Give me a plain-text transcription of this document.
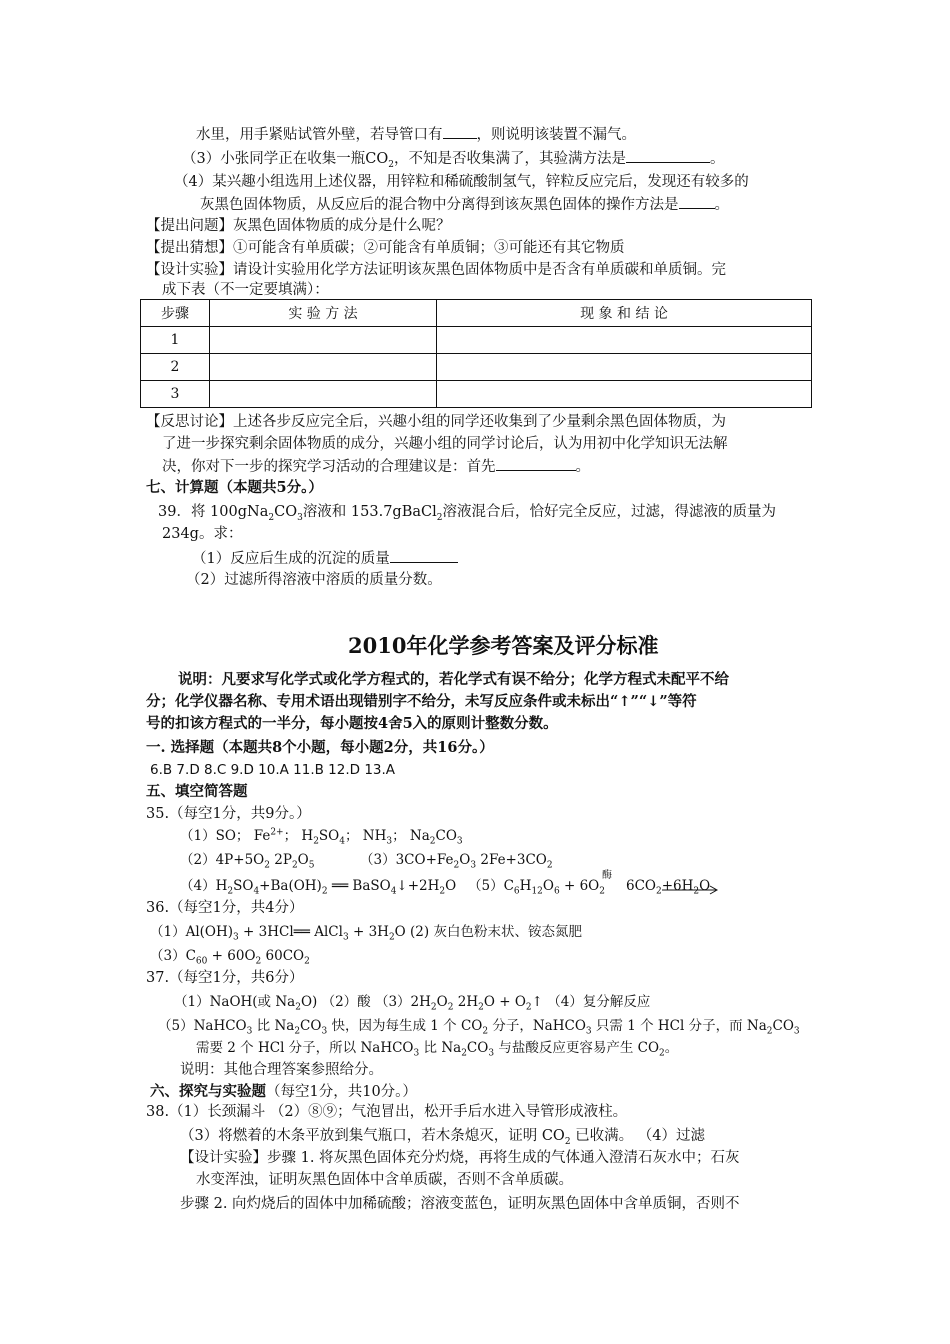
水里，用手紧贴试管外壁，若导管口有 ，则说明该装置不漏气。
（3）小张同学正在收集一瓶$CO_2$，不知是否收集满了，其验满方法是	。
（4）某兴趣小组选用上述仪器，用锌粒和稀硫酸制氢气，锌粒反应完后，发现还有较多的
灰黑色固体物质，从反应后的混合物中分离得到该灰黑色固体的操作方法是 。
【提出问题】灰黑色固体物质的成分是什么呢？
【提出猜想】①可能含有单质碳；②可能含有单质铜；③可能还有其它物质
【设计实验】请设计实验用化学方法证明该灰黑色固体物质中是否含有单质碳和单质铜。完
成下表（不一定要填满）：
步骤	实 验 方 法	现 象 和 结 论
1		
2		
3		
【反思讨论】上述各步反应完全后，兴趣小组的同学还收集到了少量剩余黑色固体物质，为
了进一步探究剩余固体物质的成分，兴趣小组的同学讨论后，认为用初中化学知识无法解
决，你对下一步的探究学习活动的合理建议是：首先	。
七、计算题（本题共5分。）
39．将 $100gNa_2CO_3$溶液和 153.7gBaCl$_2$溶液混合后，恰好完全反应，过滤，得滤液的质量为
234g。求：
（1）反应后生成的沉淀的质量
（2）过滤所得溶液中溶质的质量分数。
2010年化学参考答案及评分标准
说明：凡要求写化学式或化学方程式的，若化学式有误不给分；化学方程式未配平不给
分；化学仪器名称、专用术语出现错别字不给分，未写反应条件或未标出“↑”“↓”等符
号的扣该方程式的一半分，每小题按4舍5入的原则计整数分数。
一. 选择题（本题共8个小题，每小题2分，共16分。）
6.B 7.D 8.C 9.D 10.A 11.B 12.D 13.A
五、填空简答题
35.（每空1分，共9分。）
（1）SO； $Fe^{2+}$； $H_2SO_4$； $NH_3$； $Na_2CO_3$
$(2)4P+5O_2$ $2P_2O_5$	$(3)3CO+Fe_2O_3$ $2Fe+3CO_2$
$(4)H_2SO_4+Ba(OH)_2$ ══ $BaSO_4↓+2H_2O$ $(5)C_6H_{12}O_6 + 6O_2$
酶
$6CO_2+6H_2O$
36.（每空1分，共4分）
$(1)Al(OH)_3$ + 3HCl══ AlCl$_3$ + $3H_2O$ (2) 灰白色粉末状、铵态氮肥
$(3)C_{60} + 60O_2$ $60CO_2$
37.（每空1分，共6分）
（1）NaOH(或 $Na_2O$) （2）酸 $(3)2H_2O_2$ $2H_2O$ + $O_2↑$ （4）复分解反应
（5）NaHCO$_3$ 比 $Na_2CO_3$ 快，因为每生成 1 个 $CO_2$ 分子，NaHCO$_3$ 只需 1 个 HCl 分子，而 $Na_2CO_3$
需要 2 个 HCl 分子，所以 NaHCO$_3$ 比 $Na_2CO_3$ 与盐酸反应更容易产生 $CO_2$。
说明：其他合理答案参照给分。
六、探究与实验题（每空1分，共10分。）
38.（1）长颈漏斗 （2）⑧⑨；气泡冒出，松开手后水进入导管形成液柱。
（3）将燃着的木条平放到集气瓶口，若木条熄灭，证明 $CO_2$ 已收满。 （4）过滤
【设计实验】步骤 1. 将灰黑色固体充分灼烧，再将生成的气体通入澄清石灰水中；石灰
水变浑浊，证明灰黑色固体中含单质碳，否则不含单质碳。
步骤 2. 向灼烧后的固体中加稀硫酸；溶液变蓝色，证明灰黑色固体中含单质铜，否则不
